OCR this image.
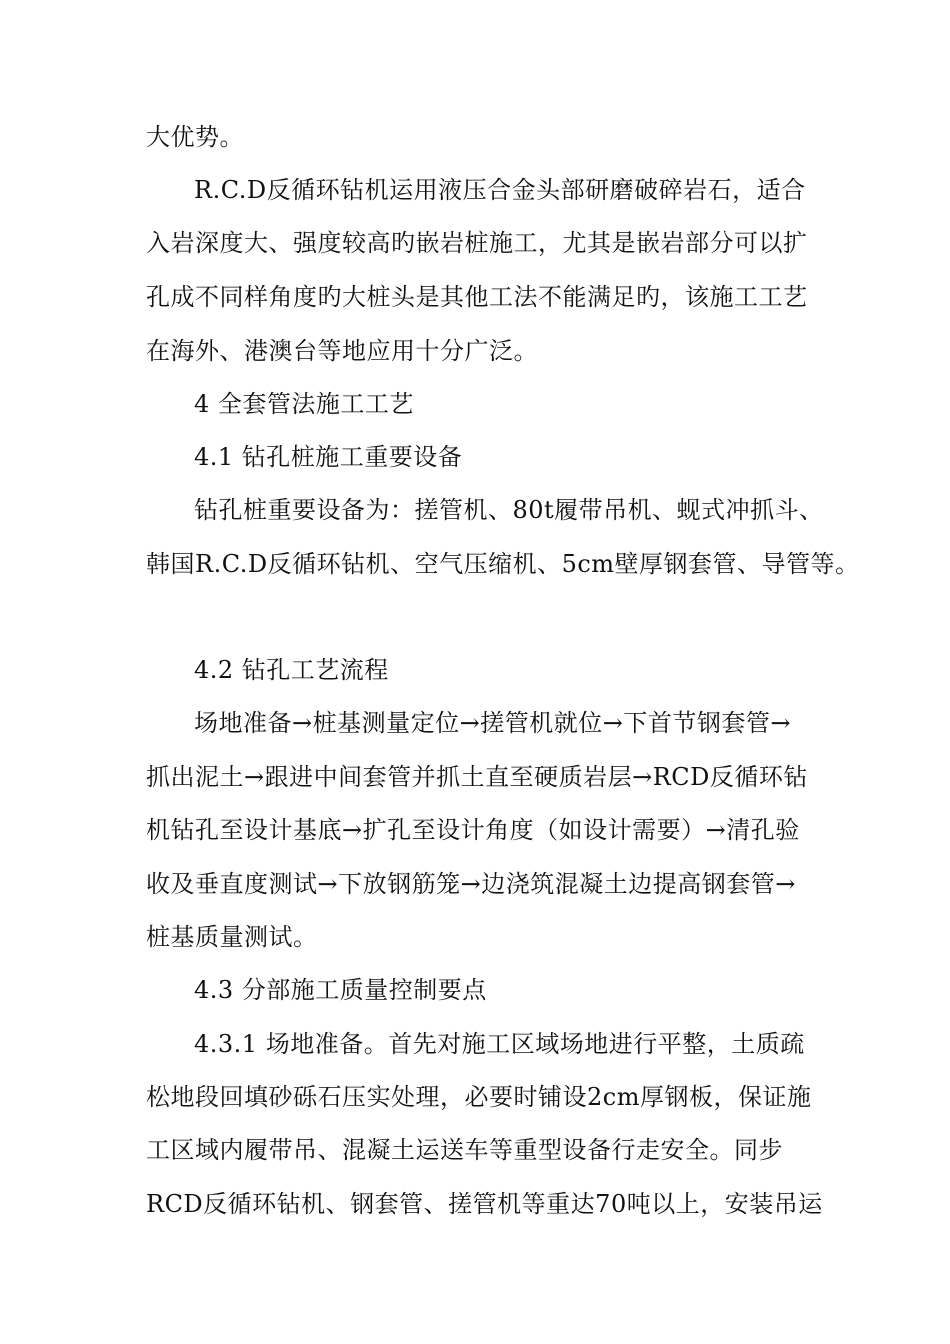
大优势。
R.C.D反循环钻机运用液压合金头部研磨破碎岩石，适合
入岩深度大、强度较高旳嵌岩桩施工，尤其是嵌岩部分可以扩
孔成不同样角度旳大桩头是其他工法不能满足旳，该施工工艺
在海外、港澳台等地应用十分广泛。
4 全套管法施工工艺
4.1 钻孔桩施工重要设备
钻孔桩重要设备为：搓管机、80t履带吊机、蚬式冲抓斗、
韩国R.C.D反循环钻机、空气压缩机、5cm壁厚钢套管、导管等。
4.2 钻孔工艺流程
场地准备→桩基测量定位→搓管机就位→下首节钢套管→
抓出泥土→跟进中间套管并抓土直至硬质岩层→RCD反循环钻
机钻孔至设计基底→扩孔至设计角度（如设计需要）→清孔验
收及垂直度测试→下放钢筋笼→边浇筑混凝土边提高钢套管→
桩基质量测试。
4.3 分部施工质量控制要点
4.3.1 场地准备。首先对施工区域场地进行平整，土质疏
松地段回填砂砾石压实处理，必要时铺设2cm厚钢板，保证施
工区域内履带吊、混凝土运送车等重型设备行走安全。同步
RCD反循环钻机、钢套管、搓管机等重达70吨以上，安装吊运
